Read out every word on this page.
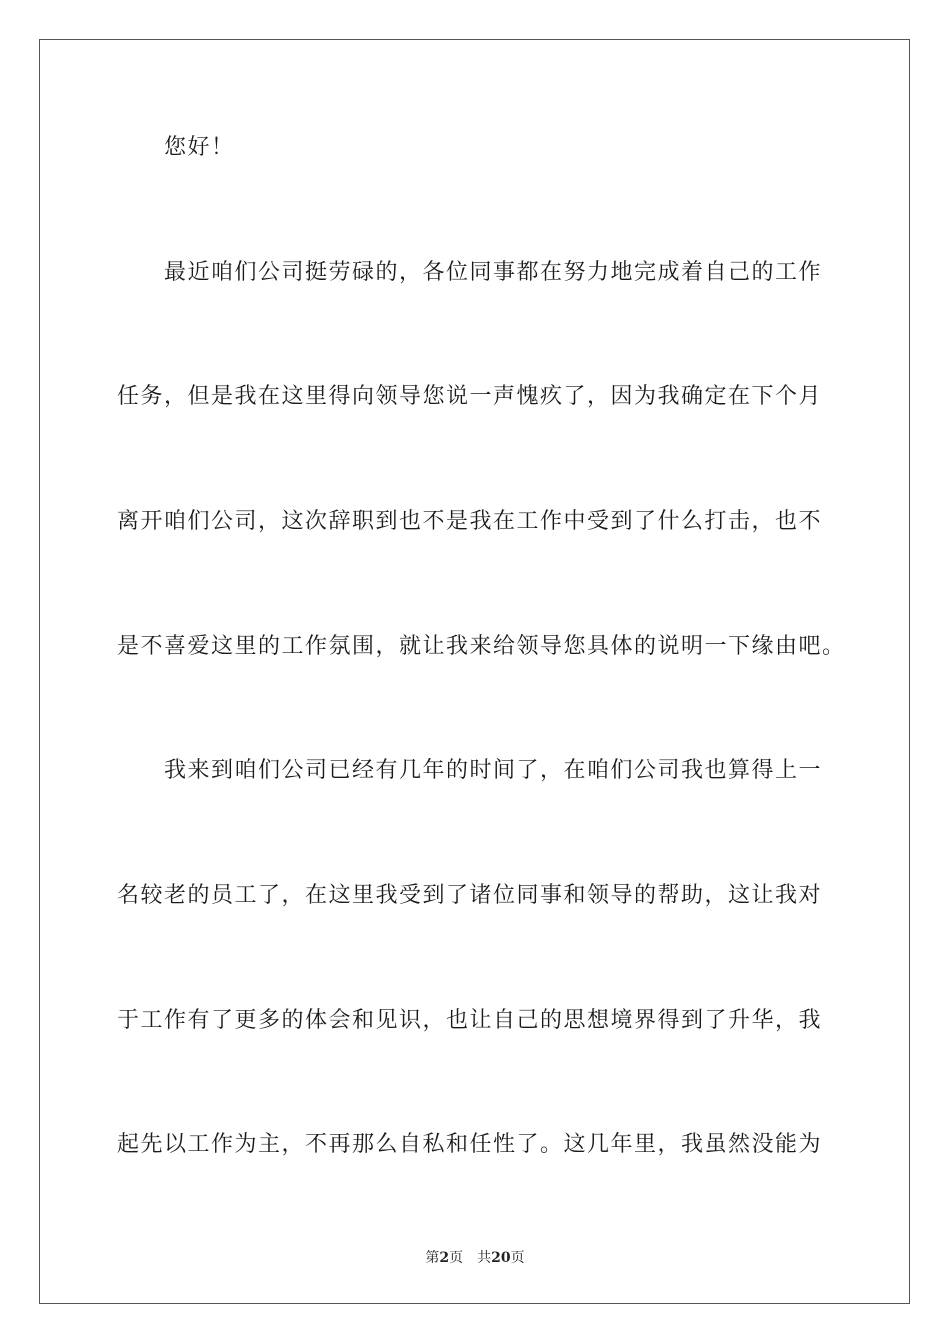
您好！
最近咱们公司挺劳碌的，各位同事都在努力地完成着自己的工作
任务，但是我在这里得向领导您说一声愧疚了，因为我确定在下个月
离开咱们公司，这次辞职到也不是我在工作中受到了什么打击，也不
是不喜爱这里的工作氛围，就让我来给领导您具体的说明一下缘由吧。
我来到咱们公司已经有几年的时间了，在咱们公司我也算得上一
名较老的员工了，在这里我受到了诸位同事和领导的帮助，这让我对
于工作有了更多的体会和见识，也让自己的思想境界得到了升华，我
起先以工作为主，不再那么自私和任性了。这几年里，我虽然没能为
第2页 共20页
